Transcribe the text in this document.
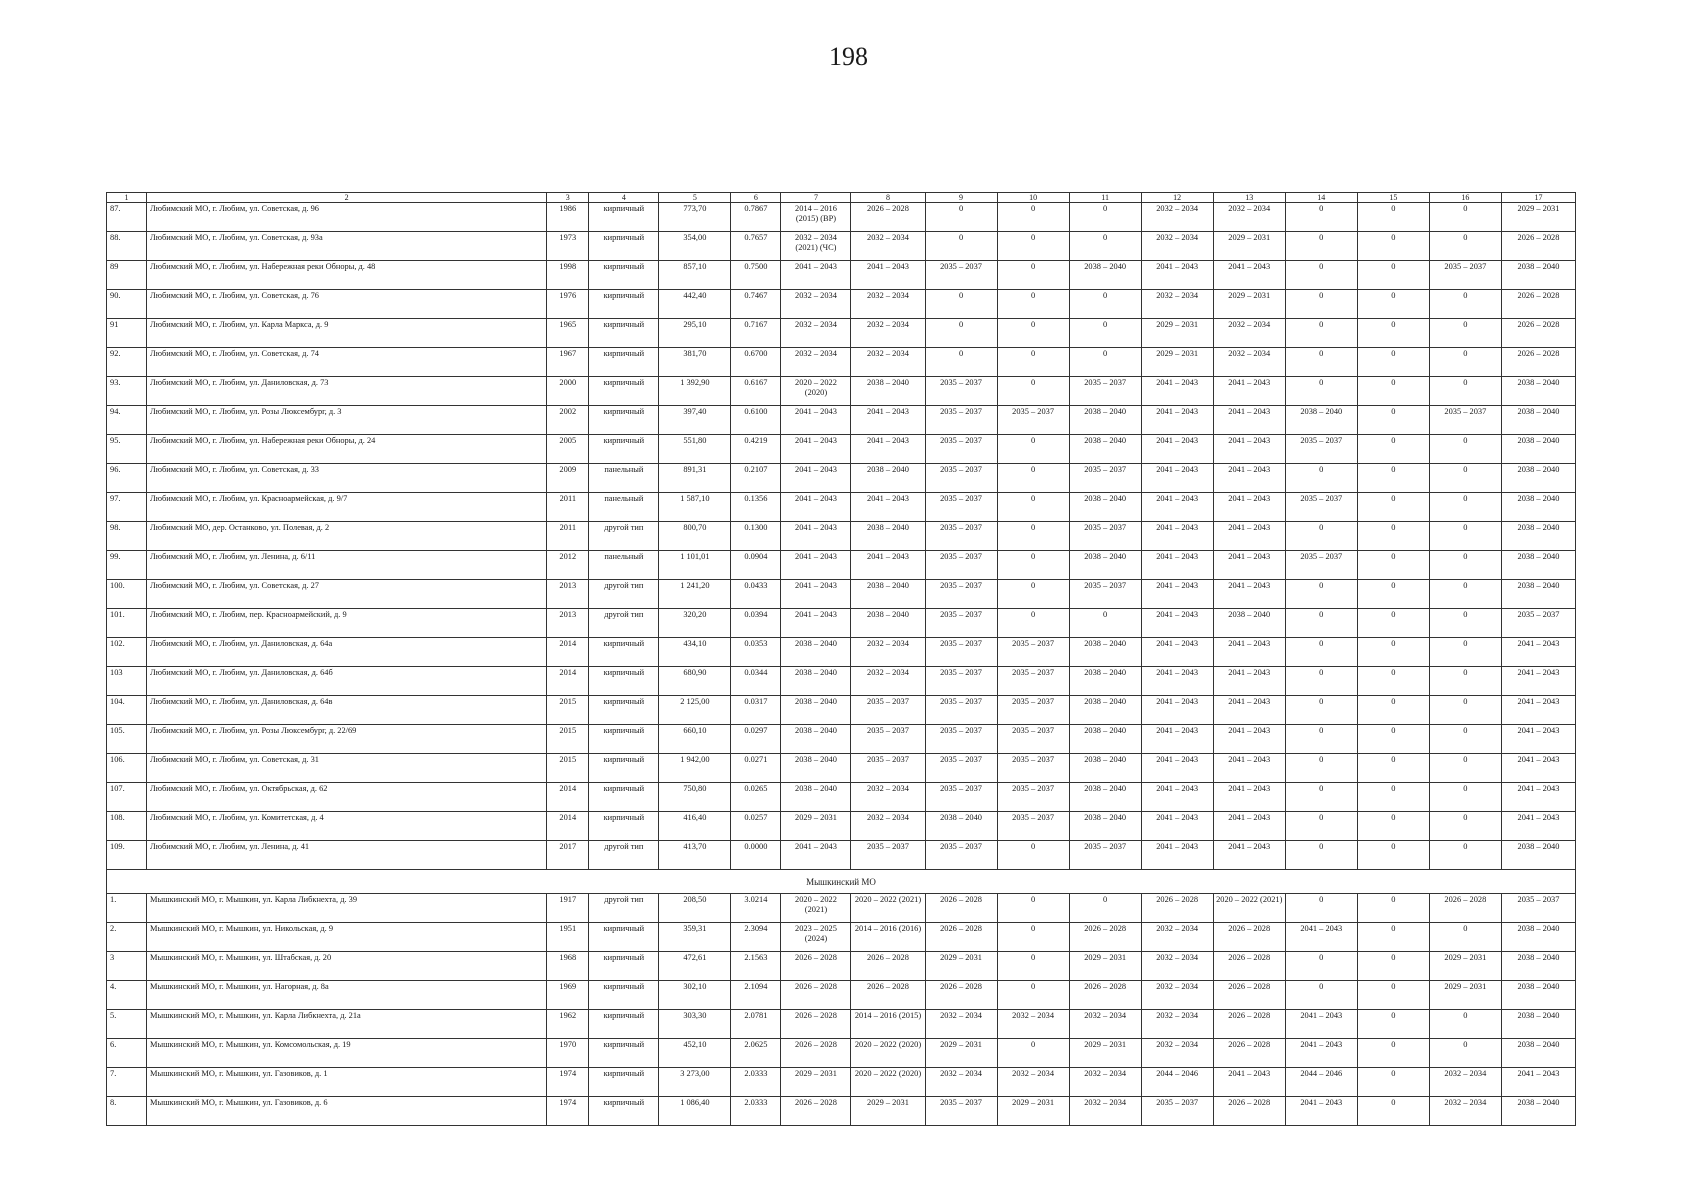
198
1	2	3	4	5	6	7	8	9	10	11	12	13	14	15	16	17
87.	Любимский МО, г. Любим, ул. Советская, д. 96	1986	кирпичный	773,70	0.7867	2014 – 2016 (2015) (ВР)	2026 – 2028	0	0	0	2032 – 2034	2032 – 2034	0	0	0	2029 – 2031
88.	Любимский МО, г. Любим, ул. Советская, д. 93а	1973	кирпичный	354,00	0.7657	2032 – 2034 (2021) (ЧС)	2032 – 2034	0	0	0	2032 – 2034	2029 – 2031	0	0	0	2026 – 2028
89	Любимский МО, г. Любим, ул. Набережная реки Обноры, д. 48	1998	кирпичный	857,10	0.7500	2041 – 2043	2041 – 2043	2035 – 2037	0	2038 – 2040	2041 – 2043	2041 – 2043	0	0	2035 – 2037	2038 – 2040
90.	Любимский МО, г. Любим, ул. Советская, д. 76	1976	кирпичный	442,40	0.7467	2032 – 2034	2032 – 2034	0	0	0	2032 – 2034	2029 – 2031	0	0	0	2026 – 2028
91	Любимский МО, г. Любим, ул. Карла Маркса, д. 9	1965	кирпичный	295,10	0.7167	2032 – 2034	2032 – 2034	0	0	0	2029 – 2031	2032 – 2034	0	0	0	2026 – 2028
92.	Любимский МО, г. Любим, ул. Советская, д. 74	1967	кирпичный	381,70	0.6700	2032 – 2034	2032 – 2034	0	0	0	2029 – 2031	2032 – 2034	0	0	0	2026 – 2028
93.	Любимский МО, г. Любим, ул. Даниловская, д. 73	2000	кирпичный	1 392,90	0.6167	2020 – 2022 (2020)	2038 – 2040	2035 – 2037	0	2035 – 2037	2041 – 2043	2041 – 2043	0	0	0	2038 – 2040
94.	Любимский МО, г. Любим, ул. Розы Люксембург, д. 3	2002	кирпичный	397,40	0.6100	2041 – 2043	2041 – 2043	2035 – 2037	2035 – 2037	2038 – 2040	2041 – 2043	2041 – 2043	2038 – 2040	0	2035 – 2037	2038 – 2040
95.	Любимский МО, г. Любим, ул. Набережная реки Обноры, д. 24	2005	кирпичный	551,80	0.4219	2041 – 2043	2041 – 2043	2035 – 2037	0	2038 – 2040	2041 – 2043	2041 – 2043	2035 – 2037	0	0	2038 – 2040
96.	Любимский МО, г. Любим, ул. Советская, д. 33	2009	панельный	891,31	0.2107	2041 – 2043	2038 – 2040	2035 – 2037	0	2035 – 2037	2041 – 2043	2041 – 2043	0	0	0	2038 – 2040
97.	Любимский МО, г. Любим, ул. Красноармейская, д. 9/7	2011	панельный	1 587,10	0.1356	2041 – 2043	2041 – 2043	2035 – 2037	0	2038 – 2040	2041 – 2043	2041 – 2043	2035 – 2037	0	0	2038 – 2040
98.	Любимский МО, дер. Останково, ул. Полевая, д. 2	2011	другой тип	800,70	0.1300	2041 – 2043	2038 – 2040	2035 – 2037	0	2035 – 2037	2041 – 2043	2041 – 2043	0	0	0	2038 – 2040
99.	Любимский МО, г. Любим, ул. Ленина, д. 6/11	2012	панельный	1 101,01	0.0904	2041 – 2043	2041 – 2043	2035 – 2037	0	2038 – 2040	2041 – 2043	2041 – 2043	2035 – 2037	0	0	2038 – 2040
100.	Любимский МО, г. Любим, ул. Советская, д. 27	2013	другой тип	1 241,20	0.0433	2041 – 2043	2038 – 2040	2035 – 2037	0	2035 – 2037	2041 – 2043	2041 – 2043	0	0	0	2038 – 2040
101.	Любимский МО, г. Любим, пер. Красноармейский, д. 9	2013	другой тип	320,20	0.0394	2041 – 2043	2038 – 2040	2035 – 2037	0	0	2041 – 2043	2038 – 2040	0	0	0	2035 – 2037
102.	Любимский МО, г. Любим, ул. Даниловская, д. 64а	2014	кирпичный	434,10	0.0353	2038 – 2040	2032 – 2034	2035 – 2037	2035 – 2037	2038 – 2040	2041 – 2043	2041 – 2043	0	0	0	2041 – 2043
103	Любимский МО, г. Любим, ул. Даниловская, д. 64б	2014	кирпичный	680,90	0.0344	2038 – 2040	2032 – 2034	2035 – 2037	2035 – 2037	2038 – 2040	2041 – 2043	2041 – 2043	0	0	0	2041 – 2043
104.	Любимский МО, г. Любим, ул. Даниловская, д. 64в	2015	кирпичный	2 125,00	0.0317	2038 – 2040	2035 – 2037	2035 – 2037	2035 – 2037	2038 – 2040	2041 – 2043	2041 – 2043	0	0	0	2041 – 2043
105.	Любимский МО, г. Любим, ул. Розы Люксембург, д. 22/69	2015	кирпичный	660,10	0.0297	2038 – 2040	2035 – 2037	2035 – 2037	2035 – 2037	2038 – 2040	2041 – 2043	2041 – 2043	0	0	0	2041 – 2043
106.	Любимский МО, г. Любим, ул. Советская, д. 31	2015	кирпичный	1 942,00	0.0271	2038 – 2040	2035 – 2037	2035 – 2037	2035 – 2037	2038 – 2040	2041 – 2043	2041 – 2043	0	0	0	2041 – 2043
107.	Любимский МО, г. Любим, ул. Октябрьская, д. 62	2014	кирпичный	750,80	0.0265	2038 – 2040	2032 – 2034	2035 – 2037	2035 – 2037	2038 – 2040	2041 – 2043	2041 – 2043	0	0	0	2041 – 2043
108.	Любимский МО, г. Любим, ул. Комитетская, д. 4	2014	кирпичный	416,40	0.0257	2029 – 2031	2032 – 2034	2038 – 2040	2035 – 2037	2038 – 2040	2041 – 2043	2041 – 2043	0	0	0	2041 – 2043
109.	Любимский МО, г. Любим, ул. Ленина, д. 41	2017	другой тип	413,70	0.0000	2041 – 2043	2035 – 2037	2035 – 2037	0	2035 – 2037	2041 – 2043	2041 – 2043	0	0	0	2038 – 2040
Мышкинский МО																
1.	Мышкинский МО, г. Мышкин, ул. Карла Либкнехта, д. 39	1917	другой тип	208,50	3.0214	2020 – 2022 (2021)	2020 – 2022 (2021)	2026 – 2028	0	0	2026 – 2028	2020 – 2022 (2021)	0	0	2026 – 2028	2035 – 2037
2.	Мышкинский МО, г. Мышкин, ул. Никольская, д. 9	1951	кирпичный	359,31	2.3094	2023 – 2025 (2024)	2014 – 2016 (2016)	2026 – 2028	0	2026 – 2028	2032 – 2034	2026 – 2028	2041 – 2043	0	0	2038 – 2040
3	Мышкинский МО, г. Мышкин, ул. Штабская, д. 20	1968	кирпичный	472,61	2.1563	2026 – 2028	2026 – 2028	2029 – 2031	0	2029 – 2031	2032 – 2034	2026 – 2028	0	0	2029 – 2031	2038 – 2040
4.	Мышкинский МО, г. Мышкин, ул. Нагорная, д. 8а	1969	кирпичный	302,10	2.1094	2026 – 2028	2026 – 2028	2026 – 2028	0	2026 – 2028	2032 – 2034	2026 – 2028	0	0	2029 – 2031	2038 – 2040
5.	Мышкинский МО, г. Мышкин, ул. Карла Либкнехта, д. 21а	1962	кирпичный	303,30	2.0781	2026 – 2028	2014 – 2016 (2015)	2032 – 2034	2032 – 2034	2032 – 2034	2032 – 2034	2026 – 2028	2041 – 2043	0	0	2038 – 2040
6.	Мышкинский МО, г. Мышкин, ул. Комсомольская, д. 19	1970	кирпичный	452,10	2.0625	2026 – 2028	2020 – 2022 (2020)	2029 – 2031	0	2029 – 2031	2032 – 2034	2026 – 2028	2041 – 2043	0	0	2038 – 2040
7.	Мышкинский МО, г. Мышкин, ул. Газовиков, д. 1	1974	кирпичный	3 273,00	2.0333	2029 – 2031	2020 – 2022 (2020)	2032 – 2034	2032 – 2034	2032 – 2034	2044 – 2046	2041 – 2043	2044 – 2046	0	2032 – 2034	2041 – 2043
8.	Мышкинский МО, г. Мышкин, ул. Газовиков, д. 6	1974	кирпичный	1 086,40	2.0333	2026 – 2028	2029 – 2031	2035 – 2037	2029 – 2031	2032 – 2034	2035 – 2037	2026 – 2028	2041 – 2043	0	2032 – 2034	2038 – 2040
